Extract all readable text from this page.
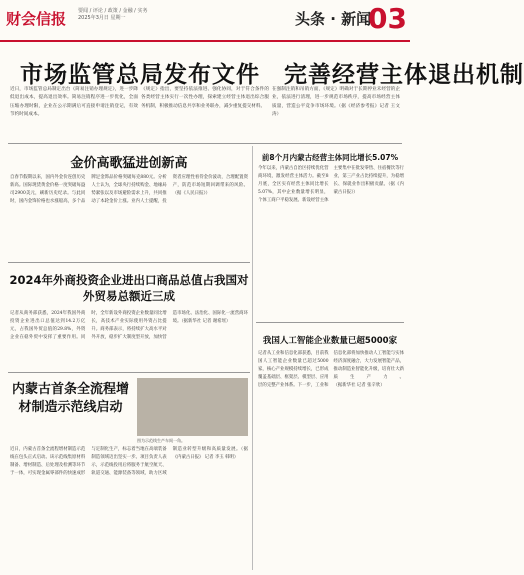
财会信报 要闻 / 评论 / 政策 / 金融 / 实务
2025年3月日 星期一	头条 · 新闻
03
市场监管总局发布文件　完善经营主体退出机制
近日，市场监管总局制定出台《简易注销办理规定》，进一步降低退出成本，提高退出效率。简易注销程序进一步优化，全面压缩办理时限，企业在公示期满后可直接申请注销登记，有效节约时间成本。
《规定》指出，要坚持依法推进、强化协同，对于符合条件的各类经营主体实行一次性办理，探索建立经营主体退出综合服务机制，积极推动信息共享和业务联办，减少重复提交材料。
在强制注销和吊销方面，《规定》明确对于长期停业未经营的企业，依法进行清理，进一步规范市场秩序，提高市场经营主体质量，营造公平竞争市场环境。（据《经济参考报》记者 王文涛）
金价高歌猛进创新高
自春节假期以来，国内外金价连创历史新高。国际现货黄金价格一度突破每盎司2900美元，刷新历史纪录。与此同时，国内金饰价格也水涨船高，多个品牌足金饰品价格突破每克880元。分析人士认为，全球央行持续购金、地缘局势紧张以及市场避险需求上升，共同推动了本轮金价上涨。业内人士提醒，投资者应理性看待金价波动，合理配置资产，防范市场短期回调带来的风险。（据《人民日报》）
前8个月内蒙古经营主体同比增长5.07%
今年以来，内蒙古自治区持续优化营商环境，激发经营主体活力。截至8月底，全区实有经营主体同比增长5.07%，其中企业数量增长明显，个体工商户平稳发展。新设经营主体主要集中在批发零售、住宿餐饮等行业，第三产业占比持续提升，为稳增长、保就业作出积极贡献。（据《内蒙古日报》）
2024年外商投资企业进出口商品总值占我国对外贸易总额近三成
记者从商务部获悉，2024年我国外商投资企业进出口总值达到14.2万亿元，占我国外贸总值的29.8%，外资企业在稳外贸中发挥了重要作用。同时，全年新设外商投资企业数量同比增长，高技术产业实际使用外资占比提升。商务部表示，将持续扩大高水平对外开放，稳步扩大制度型开放，加快营造市场化、法治化、国际化一流营商环境。（据新华社 记者 谢希瑶）
我国人工智能企业数量已超5000家
记者从工业和信息化部获悉，目前我国人工智能企业数量已超过5000家，核心产业规模持续增长，已形成覆盖基础层、框架层、模型层、应用层的完整产业体系。下一步，工业和信息化部将加快推动人工智能与实体经济深度融合，大力发展智能产品，推动制造业智能化升级，培育壮大新质生产力。（据新华社 记者 张辛欣）
内蒙古首条全流程增材制造示范线启动
图为示范线生产车间一角。
近日，内蒙古首条全流程增材制造示范线在包头正式启动。该示范线集原材料制备、增材制造、后处理及检测等环节于一体，可实现金属零部件的快速成形与定制化生产，标志着当地在高端装备制造领域迈出坚实一步。项目负责人表示，示范线投用后将服务于航空航天、轨道交通、能源装备等领域，助力区域制造业转型升级和高质量发展。（据《内蒙古日报》 记者 李玉 韩明）
